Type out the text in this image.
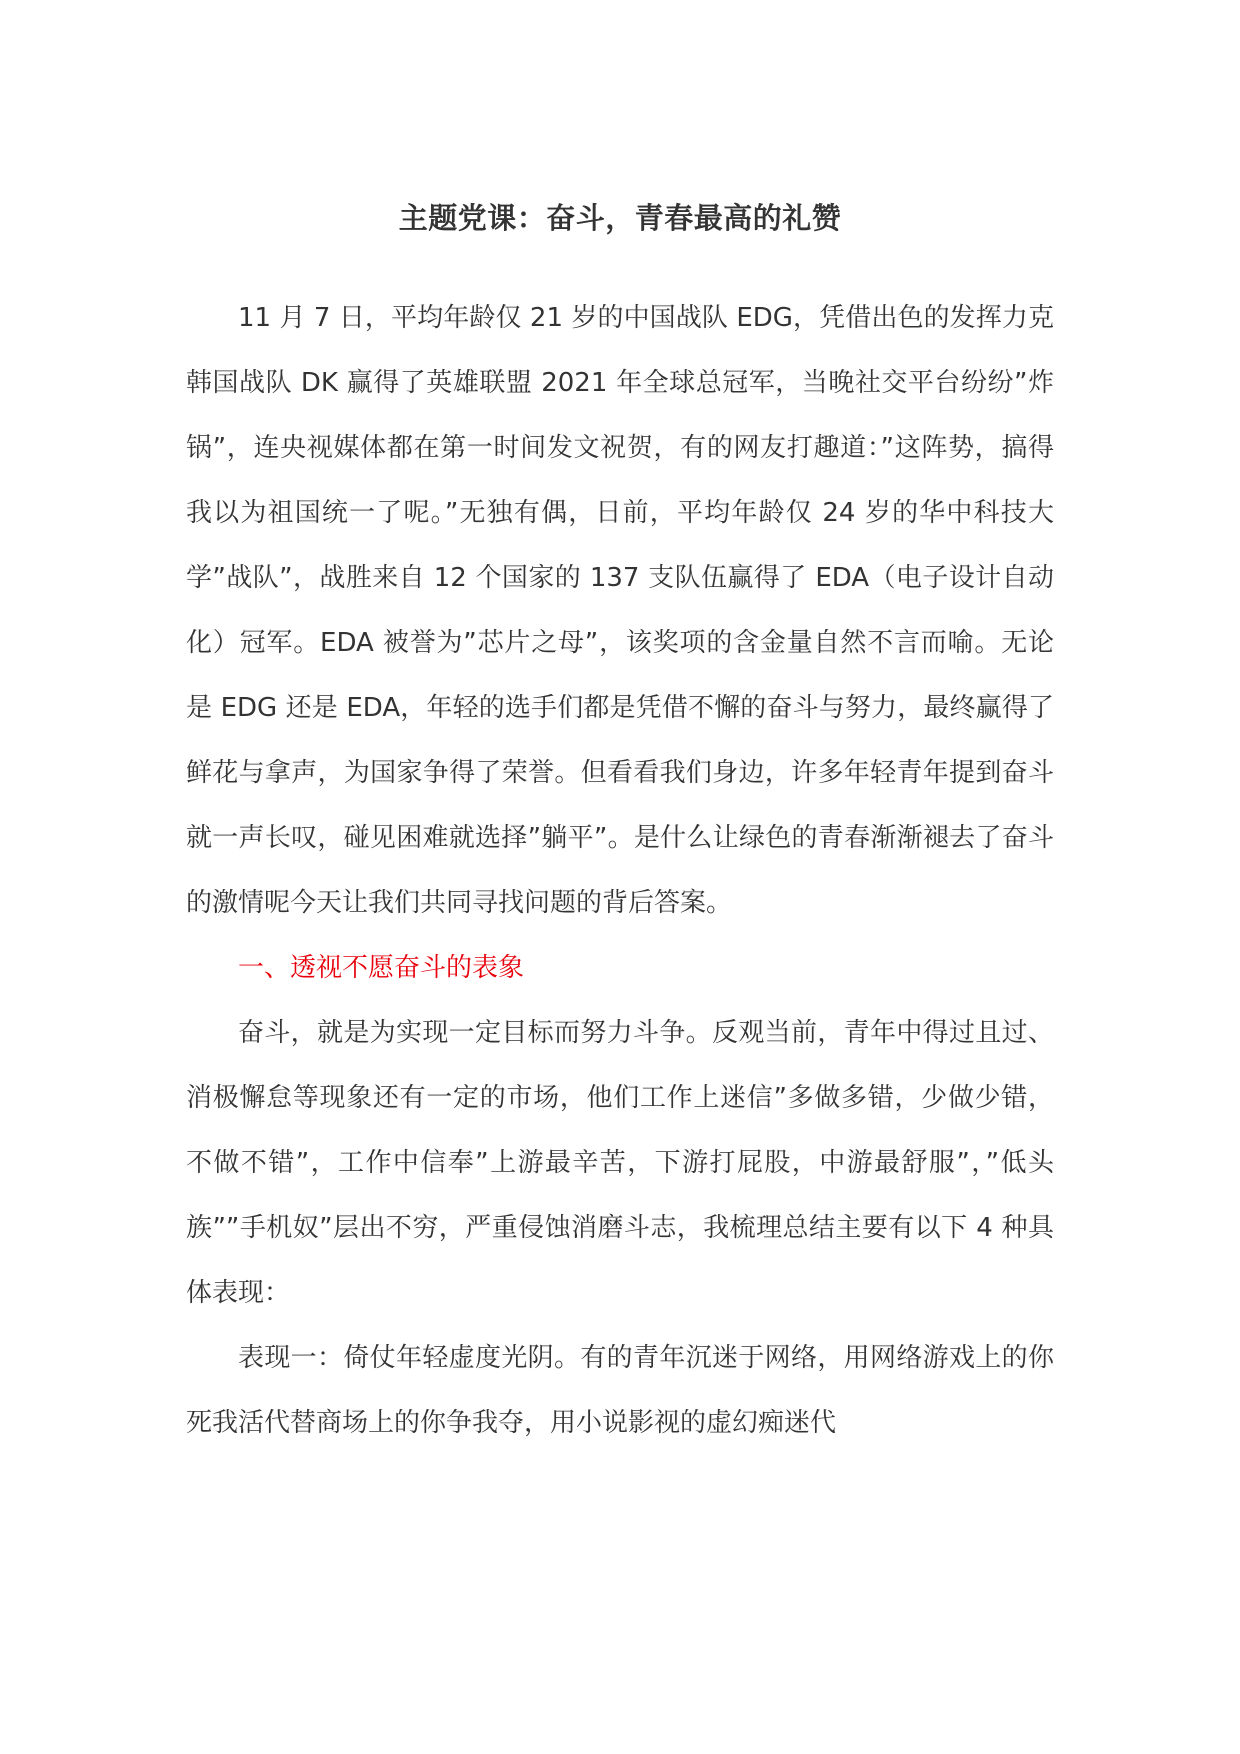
主题党课：奋斗，青春最高的礼赞

11 月 7 日，平均年龄仅 21 岁的中国战队 EDG，凭借出色的发挥力克韩国战队 DK 赢得了英雄联盟 2021 年全球总冠军，当晚社交平台纷纷”炸锅”，连央视媒体都在第一时间发文祝贺，有的网友打趣道：”这阵势，搞得我以为祖国统一了呢。”无独有偶，日前，平均年龄仅 24 岁的华中科技大学”战队”，战胜来自 12 个国家的 137 支队伍赢得了 EDA（电子设计自动化）冠军。EDA 被誉为”芯片之母”，该奖项的含金量自然不言而喻。无论是 EDG 还是 EDA，年轻的选手们都是凭借不懈的奋斗与努力，最终赢得了鲜花与拿声，为国家争得了荣誉。但看看我们身边，许多年轻青年提到奋斗就一声长叹，碰见困难就选择”躺平”。是什么让绿色的青春渐渐褪去了奋斗的激情呢今天让我们共同寻找问题的背后答案。

一、透视不愿奋斗的表象

奋斗，就是为实现一定目标而努力斗争。反观当前，青年中得过且过、消极懈怠等现象还有一定的市场，他们工作上迷信”多做多错，少做少错，不做不错”，工作中信奉”上游最辛苦，下游打屁股，中游最舒服”，”低头族””手机奴”层出不穷，严重侵蚀消磨斗志，我梳理总结主要有以下 4 种具体表现：

表现一：倚仗年轻虚度光阴。有的青年沉迷于网络，用网络游戏上的你死我活代替商场上的你争我夺，用小说影视的虚幻痴迷代
